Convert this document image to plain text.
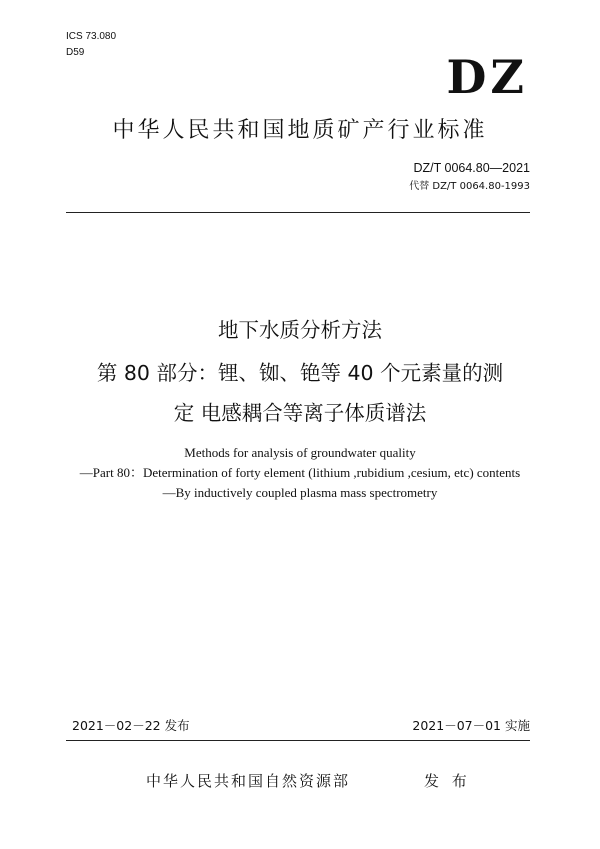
ICS 73.080
D59	DZ
中华人民共和国地质矿产行业标准
DZ/T 0064.80—2021
代替 DZ/T 0064.80-1993
地下水质分析方法
第 80 部分：锂、铷、铯等 40 个元素量的测
定 电感耦合等离子体质谱法
Methods for analysis of groundwater quality
—Part 80：Determination of forty element (lithium ,rubidium ,cesium, etc) contents
—By inductively coupled plasma mass spectrometry
2021－02－22 发布	2021－07－01 实施
中华人民共和国自然资源部	发 布
